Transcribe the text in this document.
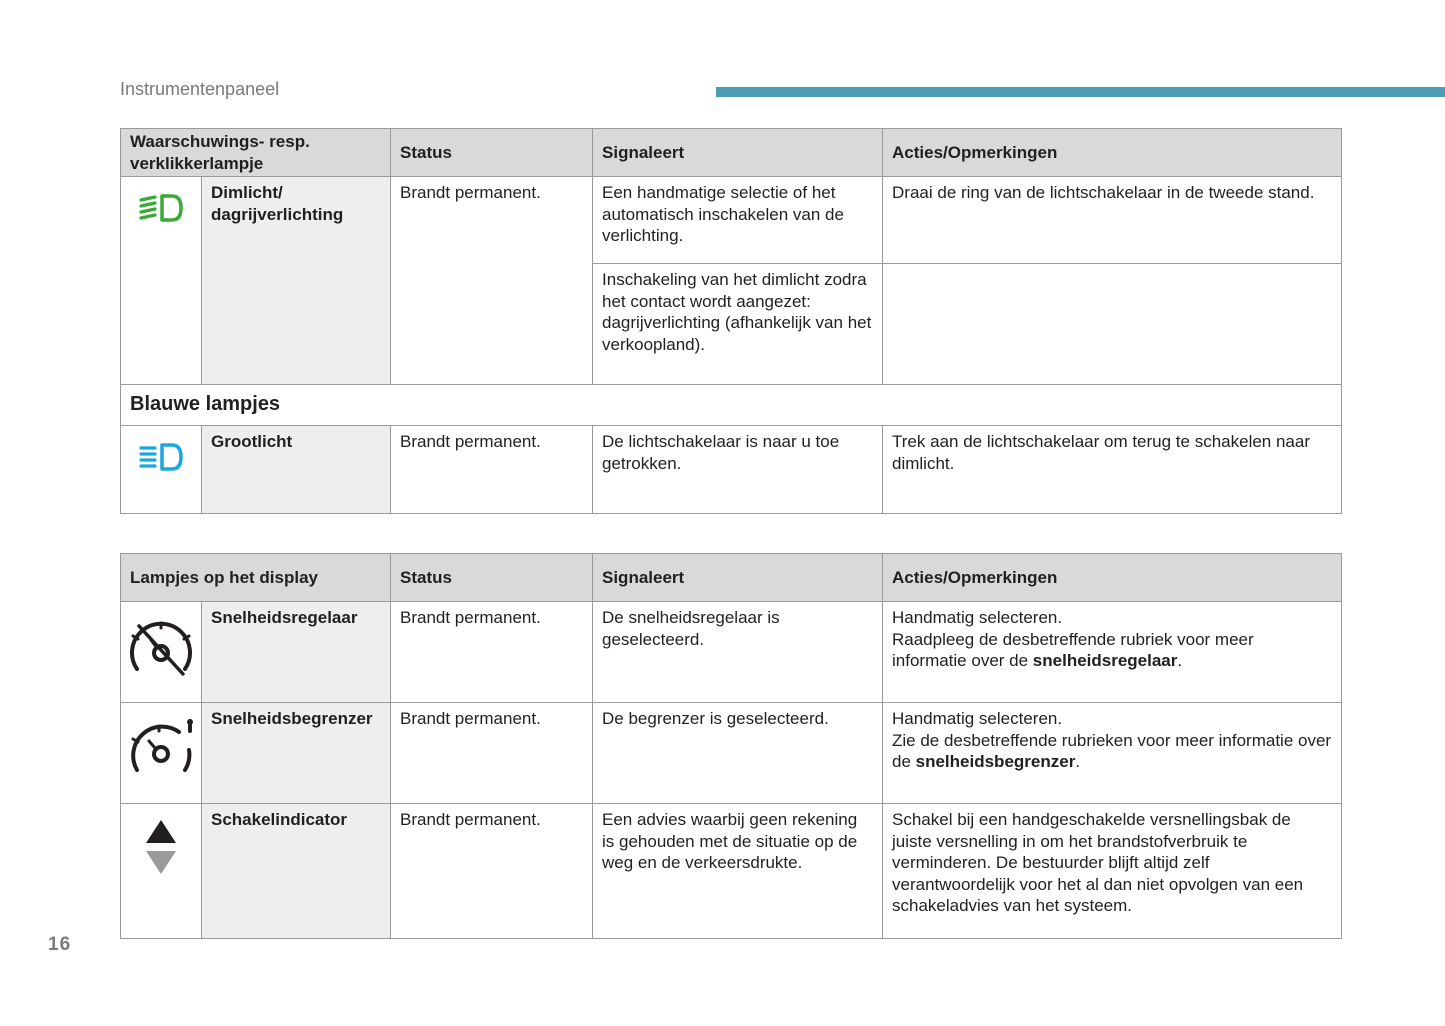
Instrumentenpaneel
Waarschuwings- resp. verklikkerlampje		Status	Signaleert	Acties/Opmerkingen
	Dimlicht/ dagrijverlichting	Brandt permanent.	Een handmatige selectie of het automatisch inschakelen van de verlichting.	Draai de ring van de lichtschakelaar in de tweede stand.
			Inschakeling van het dimlicht zodra het contact wordt aangezet: dagrijverlichting (afhankelijk van het verkoopland).	
Blauwe lampjes				
	Grootlicht	Brandt permanent.	De lichtschakelaar is naar u toe getrokken.	Trek aan de lichtschakelaar om terug te schakelen naar dimlicht.
Lampjes op het display		Status	Signaleert	Acties/Opmerkingen
	Snelheidsregelaar	Brandt permanent.	De snelheidsregelaar is geselecteerd.	Handmatig selecteren.
Raadpleeg de desbetreffende rubriek voor meer informatie over de snelheidsregelaar.
	Snelheidsbegrenzer	Brandt permanent.	De begrenzer is geselecteerd.	Handmatig selecteren.
Zie de desbetreffende rubrieken voor meer informatie over de snelheidsbegrenzer.
	Schakelindicator	Brandt permanent.	Een advies waarbij geen rekening is gehouden met de situatie op de weg en de verkeersdrukte.	Schakel bij een handgeschakelde versnellingsbak de juiste versnelling in om het brandstofverbruik te verminderen. De bestuurder blijft altijd zelf verantwoordelijk voor het al dan niet opvolgen van een schakeladvies van het systeem.
16
